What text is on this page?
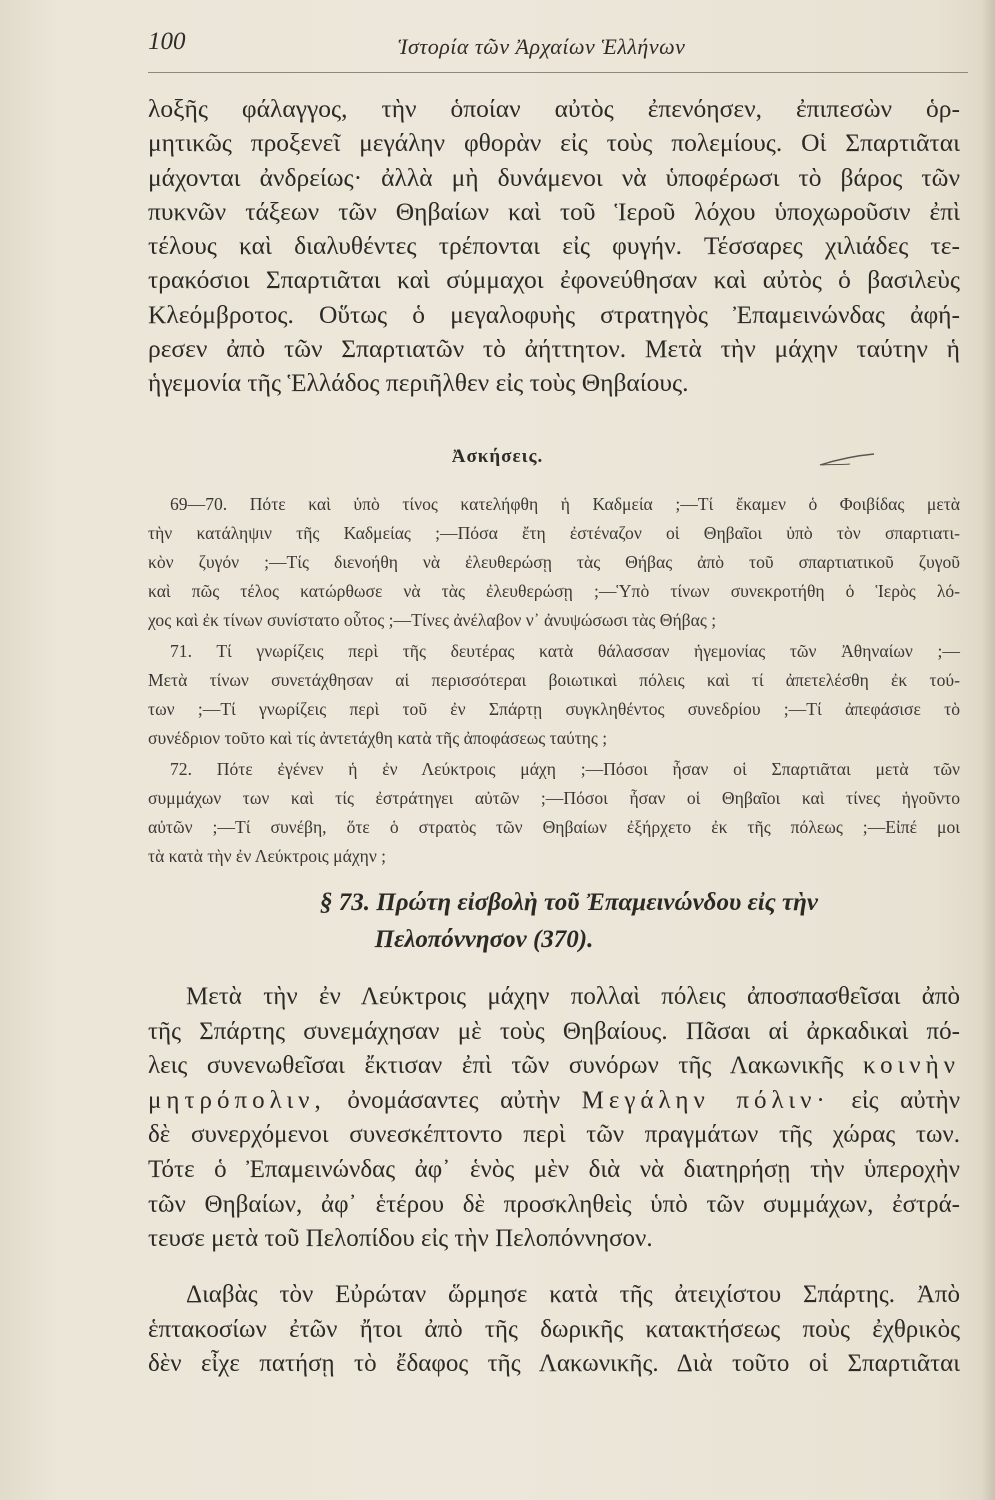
100	Ἱστορία τῶν Ἀρχαίων Ἑλλήνων

λοξῆς φάλαγγος, τὴν ὁποίαν αὐτὸς ἐπενόησεν, ἐπιπεσὼν ὁρ-
μητικῶς προξενεῖ μεγάλην φθορὰν εἰς τοὺς πολεμίους. Οἱ Σπαρτιᾶται
μάχονται ἀνδρείως· ἀλλὰ μὴ δυνάμενοι νὰ ὑποφέρωσι τὸ βάρος τῶν
πυκνῶν τάξεων τῶν Θηβαίων καὶ τοῦ Ἱεροῦ λόχου ὑποχωροῦσιν ἐπὶ
τέλους καὶ διαλυθέντες τρέπονται εἰς φυγήν. Τέσσαρες χιλιάδες τε-
τρακόσιοι Σπαρτιᾶται καὶ σύμμαχοι ἐφονεύθησαν καὶ αὐτὸς ὁ βασιλεὺς
Κλεόμβροτος. Οὕτως ὁ μεγαλοφυὴς στρατηγὸς Ἐπαμεινώνδας ἀφή-
ρεσεν ἀπὸ τῶν Σπαρτιατῶν τὸ ἀήττητον. Μετὰ τὴν μάχην ταύτην ἡ
ἡγεμονία τῆς Ἑλλάδος περιῆλθεν εἰς τοὺς Θηβαίους.

Ἀσκήσεις.

69—70. Πότε καὶ ὑπὸ τίνος κατελήφθη ἡ Καδμεία ;—Τί ἔκαμεν ὁ Φοιβίδας μετὰ
τὴν κατάληψιν τῆς Καδμείας ;—Πόσα ἔτη ἐστέναζον οἱ Θηβαῖοι ὑπὸ τὸν σπαρτιατι-
κὸν ζυγόν ;—Τίς διενοήθη νὰ ἐλευθερώσῃ τὰς Θήβας ἀπὸ τοῦ σπαρτιατικοῦ ζυγοῦ
καὶ πῶς τέλος κατώρθωσε νὰ τὰς ἐλευθερώσῃ ;—Ὑπὸ τίνων συνεκροτήθη ὁ Ἱερὸς λό-
χος καὶ ἐκ τίνων συνίστατο οὗτος ;—Τίνες ἀνέλαβον ν᾽ ἀνυψώσωσι τὰς Θήβας ;

71. Τί γνωρίζεις περὶ τῆς δευτέρας κατὰ θάλασσαν ἡγεμονίας τῶν Ἀθηναίων ;—
Μετὰ τίνων συνετάχθησαν αἱ περισσότεραι βοιωτικαὶ πόλεις καὶ τί ἀπετελέσθη ἐκ τού-
των ;—Τί γνωρίζεις περὶ τοῦ ἐν Σπάρτῃ συγκληθέντος συνεδρίου ;—Τί ἀπεφάσισε τὸ
συνέδριον τοῦτο καὶ τίς ἀντετάχθη κατὰ τῆς ἀποφάσεως ταύτης ;

72. Πότε ἐγένεν ἡ ἐν Λεύκτροις μάχη ;—Πόσοι ἦσαν οἱ Σπαρτιᾶται μετὰ τῶν
συμμάχων των καὶ τίς ἐστράτηγει αὐτῶν ;—Πόσοι ἦσαν οἱ Θηβαῖοι καὶ τίνες ἡγοῦντο
αὐτῶν ;—Τί συνέβη, ὅτε ὁ στρατὸς τῶν Θηβαίων ἐξήρχετο ἐκ τῆς πόλεως ;—Εἰπέ μοι
τὰ κατὰ τὴν ἐν Λεύκτροις μάχην ;

§ 73. Πρώτη εἰσβολὴ τοῦ Ἐπαμεινώνδου εἰς τὴν
Πελοπόννησον (370).

Μετὰ τὴν ἐν Λεύκτροις μάχην πολλαὶ πόλεις ἀποσπασθεῖσαι ἀπὸ
τῆς Σπάρτης συνεμάχησαν μὲ τοὺς Θηβαίους. Πᾶσαι αἱ ἀρκαδικαὶ πό-
λεις συνενωθεῖσαι ἔκτισαν ἐπὶ τῶν συνόρων τῆς Λακωνικῆς κοινὴν
μητρόπολιν, ὀνομάσαντες αὐτὴν Μεγάλην πόλιν· εἰς αὐτὴν
δὲ συνερχόμενοι συνεσκέπτοντο περὶ τῶν πραγμάτων τῆς χώρας των.
Τότε ὁ Ἐπαμεινώνδας ἀφ᾽ ἑνὸς μὲν διὰ νὰ διατηρήσῃ τὴν ὑπεροχὴν
τῶν Θηβαίων, ἀφ᾽ ἑτέρου δὲ προσκληθεὶς ὑπὸ τῶν συμμάχων, ἐστρά-
τευσε μετὰ τοῦ Πελοπίδου εἰς τὴν Πελοπόννησον.

Διαβὰς τὸν Εὐρώταν ὥρμησε κατὰ τῆς ἀτειχίστου Σπάρτης. Ἀπὸ
ἑπτακοσίων ἐτῶν ἤτοι ἀπὸ τῆς δωρικῆς κατακτήσεως ποὺς ἐχθρικὸς
δὲν εἶχε πατήσῃ τὸ ἔδαφος τῆς Λακωνικῆς. Διὰ τοῦτο οἱ Σπαρτιᾶται
